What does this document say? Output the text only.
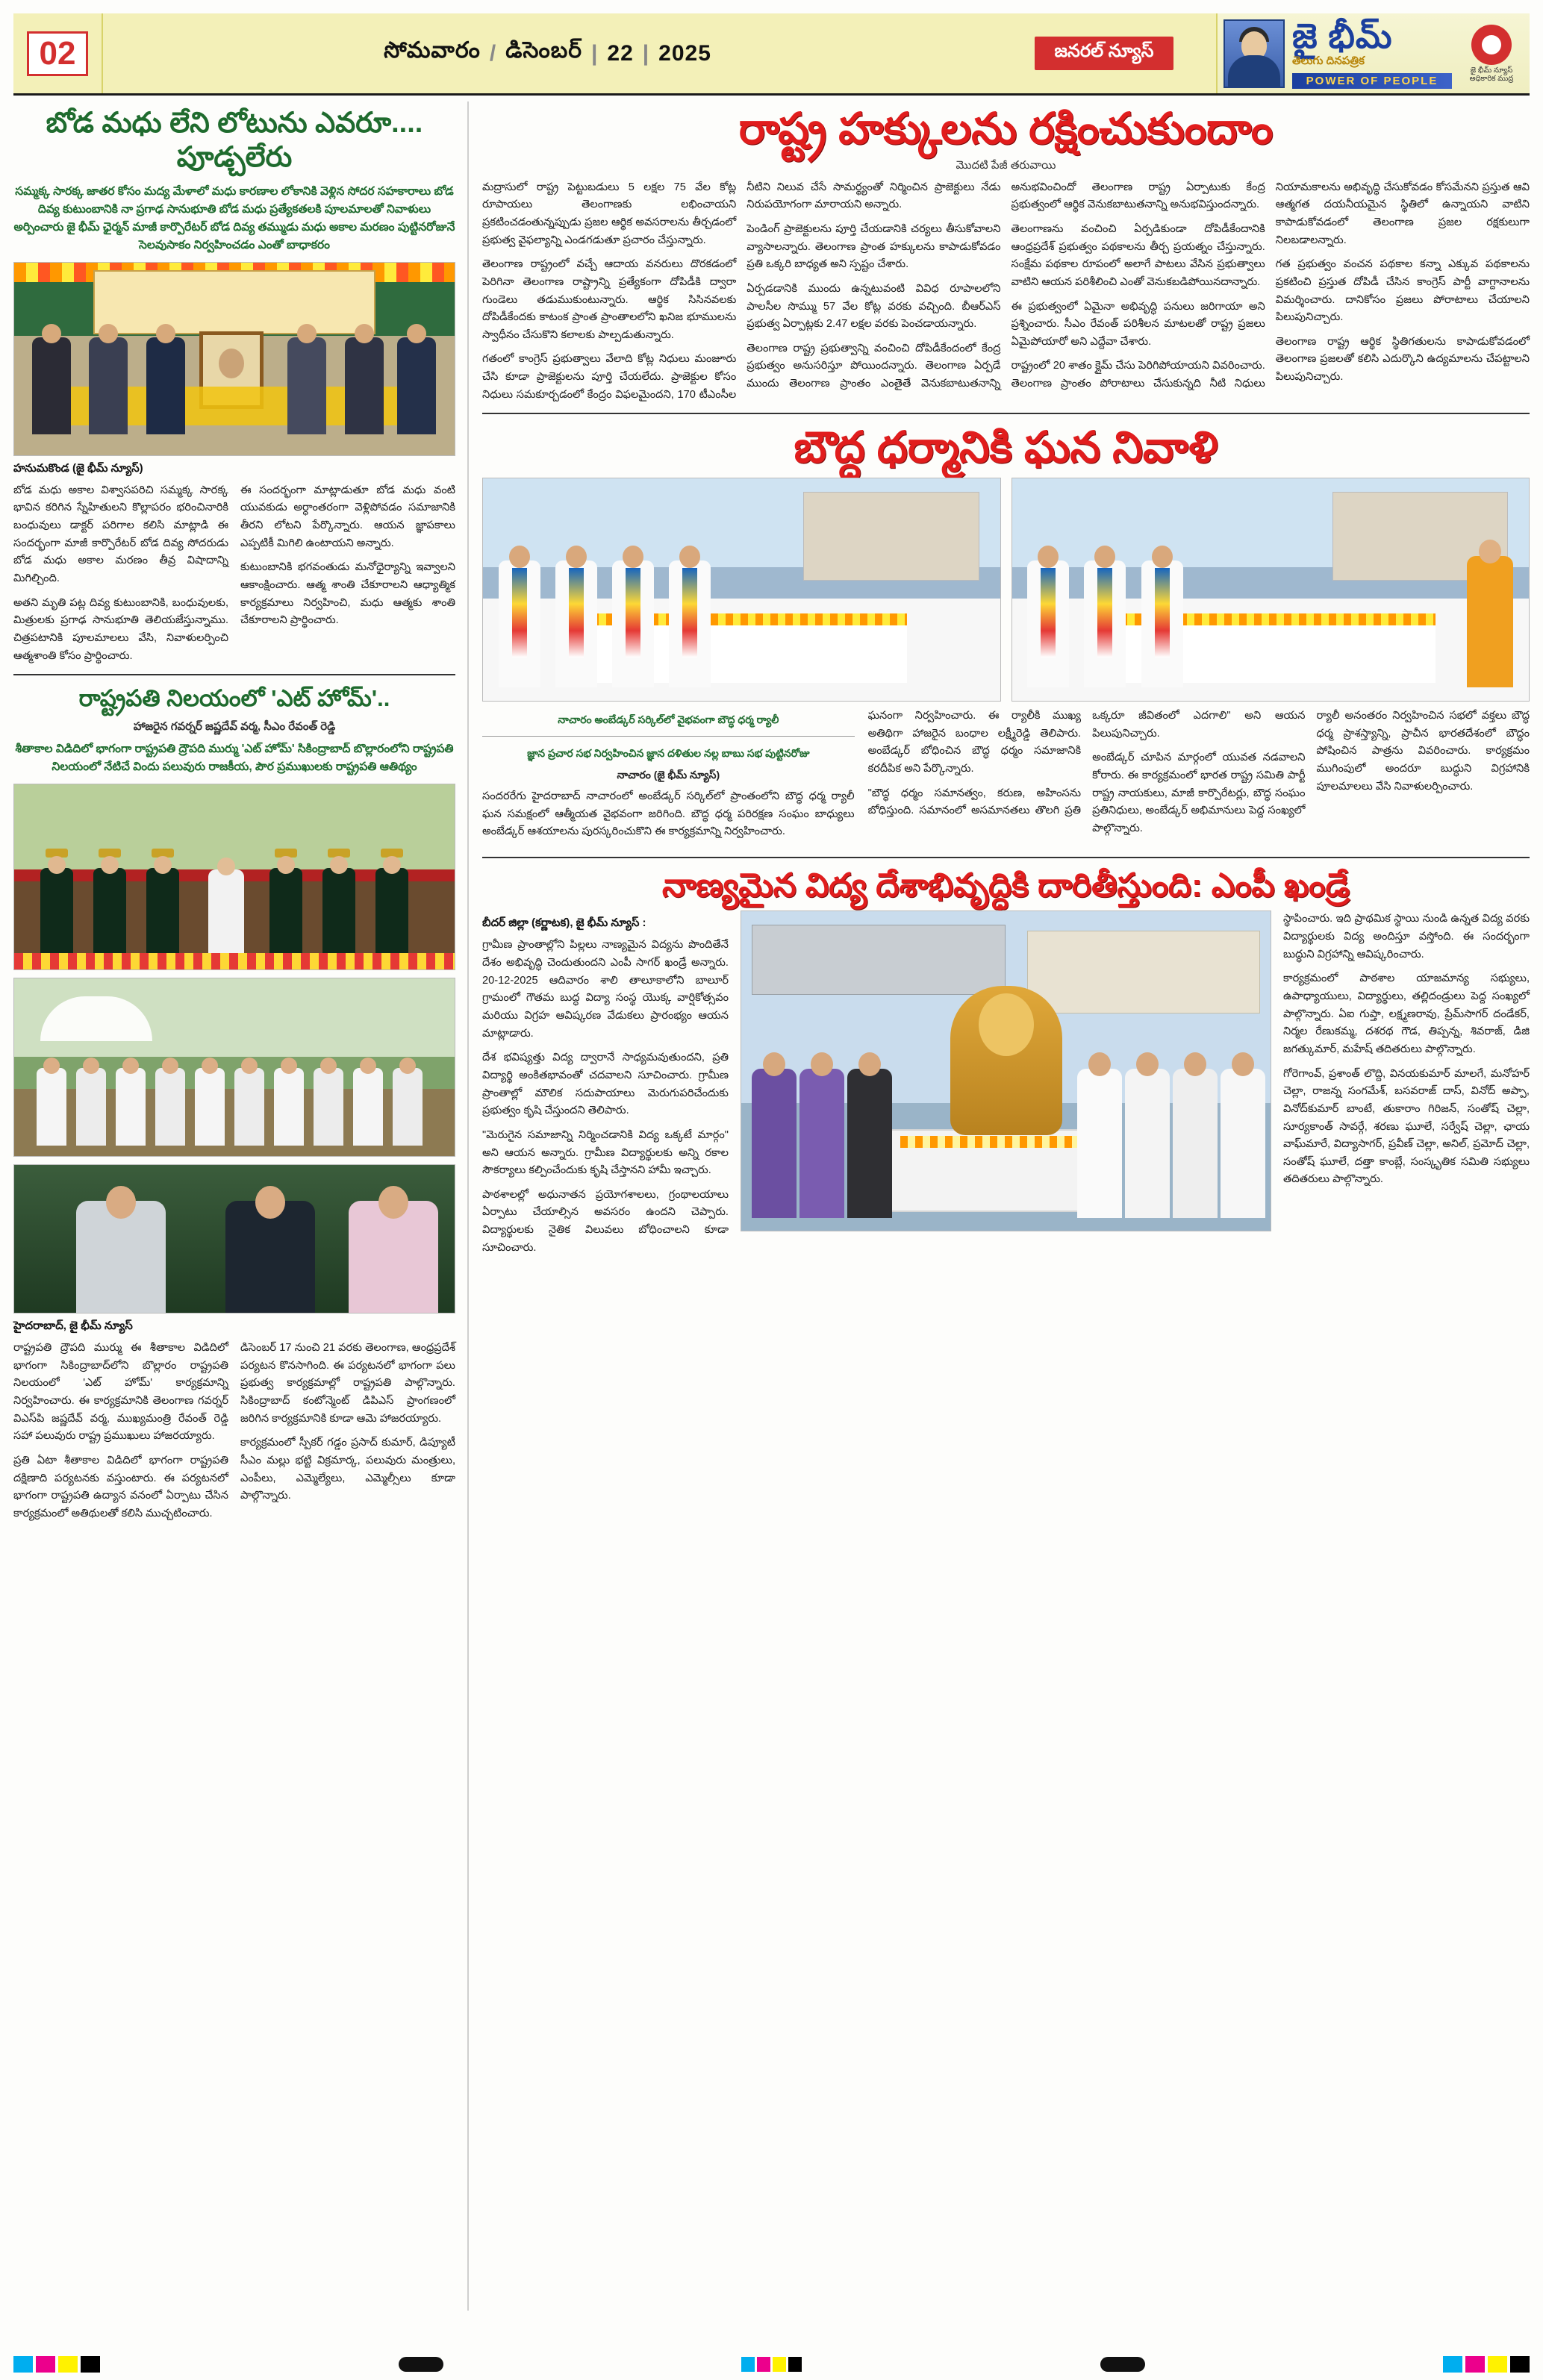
02	సోమవారం / డిసెంబర్ | 22 | 2025	జనరల్ న్యూస్	జై భీమ్
తెలుగు దినపత్రిక
POWER OF PEOPLE
జై భీమ్ న్యూస్ అధికారిక ముద్ర
బోడ మధు లేని లోటును ఎవరూ.... పూడ్చలేరు
సమ్మక్క సారక్క జాతర కోసం మద్య మేళాలో మధు కారణాల లోకానికి వెళ్లిన సోదర సహకారాలు బోడ దివ్య కుటుంబానికి నా ప్రగాఢ సానుభూతి బోడ మధు ప్రత్యేకతలకి పూలమాలతో నివాళులు అర్పించారు జై భీమ్ ఛైర్మన్ మాజీ కార్పొరేటర్ బోడ దివ్య తమ్ముడు మధు అకాల మరణం పుట్టినరోజునే సెలవుసాకం నిర్వహించడం ఎంతో బాధాకరం
హనుమకొండ (జై భీమ్ న్యూస్)

బోడ మధు అకాల విశ్వాసపరిచి సమ్మక్క సారక్క భావిన కరిగిన స్నేహితులని కొల్లాపరం భరించినారికి బంధువులు డాక్టర్ పరిగాల కలిసి మాట్లాడి ఈ సందర్భంగా మాజీ కార్పొరేటర్ బోడ దివ్య సోదరుడు బోడ మధు అకాల మరణం తీవ్ర విషాదాన్ని మిగిల్చింది.

అతని మృతి పట్ల దివ్య కుటుంబానికి, బంధువులకు, మిత్రులకు ప్రగాఢ సానుభూతి తెలియజేస్తున్నాము. చిత్రపటానికి పూలమాలలు వేసి, నివాళులర్పించి ఆత్మశాంతి కోసం ప్రార్థించారు.

ఈ సందర్భంగా మాట్లాడుతూ బోడ మధు వంటి యువకుడు అర్ధాంతరంగా వెళ్లిపోవడం సమాజానికి తీరని లోటని పేర్కొన్నారు. ఆయన జ్ఞాపకాలు ఎప్పటికీ మిగిలి ఉంటాయని అన్నారు.

కుటుంబానికి భగవంతుడు మనోధైర్యాన్ని ఇవ్వాలని ఆకాంక్షించారు. ఆత్మ శాంతి చేకూరాలని ఆధ్యాత్మిక కార్యక్రమాలు నిర్వహించి, మధు ఆత్మకు శాంతి చేకూరాలని ప్రార్థించారు.

రాష్ట్రపతి నిలయంలో 'ఎట్ హోమ్'..
హాజరైన గవర్నర్ జష్ణదేవ్ వర్మ, సీఎం రేవంత్ రెడ్డి
శీతాకాల విడిదిలో భాగంగా రాష్ట్రపతి ద్రౌపది ముర్ము 'ఎట్ హోమ్' సికింద్రాబాద్ బొల్లారంలోని రాష్ట్రపతి నిలయంలో నేటిచే విందు పలువురు రాజకీయ, పౌర ప్రముఖులకు రాష్ట్రపతి ఆతిథ్యం
హైదరాబాద్, జై భీమ్ న్యూస్

రాష్ట్రపతి ద్రౌపది ముర్ము ఈ శీతాకాల విడిదిలో భాగంగా సికింద్రాబాద్‌లోని బొల్లారం రాష్ట్రపతి నిలయంలో 'ఎట్ హోమ్' కార్యక్రమాన్ని నిర్వహించారు. ఈ కార్యక్రమానికి తెలంగాణ గవర్నర్ విఎస్‌పి జష్ణదేవ్ వర్మ, ముఖ్యమంత్రి రేవంత్ రెడ్డి సహా పలువురు రాష్ట్ర ప్రముఖులు హాజరయ్యారు.

ప్రతి ఏటా శీతాకాల విడిదిలో భాగంగా రాష్ట్రపతి దక్షిణాది పర్యటనకు వస్తుంటారు. ఈ పర్యటనలో భాగంగా రాష్ట్రపతి ఉద్యాన వనంలో ఏర్పాటు చేసిన కార్యక్రమంలో అతిథులతో కలిసి ముచ్చటించారు.

డిసెంబర్ 17 నుంచి 21 వరకు తెలంగాణ, ఆంధ్రప్రదేశ్ పర్యటన కొనసాగింది. ఈ పర్యటనలో భాగంగా పలు ప్రభుత్వ కార్యక్రమాల్లో రాష్ట్రపతి పాల్గొన్నారు. సికింద్రాబాద్ కంటోన్మెంట్ డిపిఎస్ ప్రాంగణంలో జరిగిన కార్యక్రమానికి కూడా ఆమె హాజరయ్యారు.

కార్యక్రమంలో స్పీకర్ గడ్డం ప్రసాద్ కుమార్, డిప్యూటీ సీఎం మల్లు భట్టి విక్రమార్క, పలువురు మంత్రులు, ఎంపీలు, ఎమ్మెల్యేలు, ఎమ్మెల్సీలు కూడా పాల్గొన్నారు.

రాష్ట్ర హక్కులను రక్షించుకుందాం
మొదటి పేజీ తరువాయి

మద్రాసులో రాష్ట్ర పెట్టుబడులు 5 లక్షల 75 వేల కోట్ల రూపాయలు తెలంగాణకు లభించాయని ప్రకటించడంతున్నప్పుడు ప్రజల ఆర్థిక అవసరాలను తీర్చడంలో ప్రభుత్వ వైఫల్యాన్ని ఎండగడుతూ ప్రచారం చేస్తున్నారు.

తెలంగాణ రాష్ట్రంలో వచ్చే ఆదాయ వనరులు దొరకడంలో పెరిగినా తెలంగాణ రాష్ట్రాన్ని ప్రత్యేకంగా దోపిడీకి ద్వారా గుండెలు తడుముకుంటున్నారు. ఆర్థిక సిసినవలకు దోపిడీకేందకు కాటంక ప్రాంత ప్రాంతాలలోని ఖనిజ భూములను స్వాధీనం చేసుకొని కలాలకు పాల్పడుతున్నారు.

గతంలో కాంగ్రెస్ ప్రభుత్వాలు వేలాది కోట్ల నిధులు మంజూరు చేసి కూడా ప్రాజెక్టులను పూర్తి చేయలేదు. ప్రాజెక్టుల కోసం నిధులు సమకూర్చడంలో కేంద్రం విఫలమైందని, 170 టీఎంసీల నీటిని నిలువ చేసే సామర్థ్యంతో నిర్మించిన ప్రాజెక్టులు నేడు నిరుపయోగంగా మారాయని అన్నారు.

పెండింగ్ ప్రాజెక్టులను పూర్తి చేయడానికి చర్యలు తీసుకోవాలని వ్యాసాలన్నారు. తెలంగాణ ప్రాంత హక్కులను కాపాడుకోవడం ప్రతి ఒక్కరి బాధ్యత అని స్పష్టం చేశారు.

ఏర్పడడానికి ముందు ఉన్నటువంటి వివిధ రూపాలలోని పాలసీల సొమ్ము 57 వేల కోట్ల వరకు వచ్చింది. బీఆర్ఎస్ ప్రభుత్వ ఏర్పాట్లకు 2.47 లక్షల వరకు పెంచడాయన్నారు.

తెలంగాణ రాష్ట్ర ప్రభుత్వాన్ని వంచించి దోపిడీకేందంలో కేంద్ర ప్రభుత్వం అనుసరిస్తూ పోయింద‌న్నారు. తెలంగాణ ఏర్పడే ముందు తెలంగాణ ప్రాంతం ఎంతైతే వెనుకబాటుతనాన్ని అనుభవించిందో తెలంగాణ రాష్ట్ర ఏర్పాటుకు కేంద్ర ప్రభుత్వంలో ఆర్థిక వెనుకబాటుతనాన్ని అనుభవిస్తుందన్నారు.

తెలంగాణను వంచించి ఏర్పడికుండా దోపిడీకేందానికి ఆంధ్రప్రదేశ్ ప్రభుత్వం పథకాలను తీర్చ ప్రయత్నం చేస్తున్నారు. సంక్షేమ పథకాల రూపంలో అలాగే పాటలు వేసిన ప్రభుత్వాలు వాటిని ఆయన పరిశీలించి ఎంతో వెనుకబడిపోయినదాన్నారు.

ఈ ప్రభుత్వంలో ఏమైనా అభివృద్ధి పనులు జరిగాయా అని ప్రశ్నించారు. సీఎం రేవంత్ పరిశీలన మాటలతో రాష్ట్ర ప్రజలు ఏమైపోయారో అని ఎద్దేవా చేశారు.

రాష్ట్రంలో 20 శాతం క్లైమ్ చేసు పెరిగిపోయాయని వివరించారు. తెలంగాణ ప్రాంతం పోరాటాలు చేసుకున్నది నీటి నిధులు నియామకాలను అభివృద్ధి చేసుకోవడం కోసమేనని ప్రస్తుత ఆవి ఆత్మగత దయనీయమైన స్థితిలో ఉన్నాయని వాటిని కాపాడుకోవడంలో తెలంగాణ ప్రజల రక్షకులుగా నిలబడాలన్నారు.

గత ప్రభుత్వం వంచన పథకాల కన్నా ఎక్కువ పథకాలను ప్రకటించి ప్రస్తుత దోపిడీ చేసిన కాంగ్రెస్ పార్టీ వాగ్దానాలను విమర్శించారు. దానికోసం ప్రజలు పోరాటాలు చేయాలని పిలుపునిచ్చారు.

తెలంగాణ రాష్ట్ర ఆర్థిక స్థితిగతులను కాపాడుకోవడంలో తెలంగాణ ప్రజలతో కలిసి ఎదుర్కొని ఉద్యమాలను చేపట్టాలని పిలుపునిచ్చారు.

బౌద్ధ ధర్మానికి ఘన నివాళి
నాచారం అంబేడ్కర్ సర్కిల్‌లో వైభవంగా బౌద్ధ ధర్మ ర్యాలీ
జ్ఞాన ప్రచార సభ నిర్వహించిన జ్ఞాన దళితుల నల్ల బాబు సభ పుట్టినరోజు
నాచారం (జై భీమ్ న్యూస్)

సందరరేగు హైదరాబాద్ నాచారంలో అంబేడ్కర్ సర్కిల్‌లో ప్రాంతంలోని బౌద్ధ ధర్మ ర్యాలీ ఘన సమక్షంలో ఆత్మీయత వైభవంగా జరిగింది. బౌద్ధ ధర్మ పరిరక్షణ సంఘం బాధ్యులు అంబేడ్కర్ ఆశయాలను పురస్కరించుకొని ఈ కార్యక్రమాన్ని నిర్వహించారు.

ఘనంగా నిర్వహించారు. ఈ ర్యాలీకి ముఖ్య అతిథిగా హాజరైన బంధాల లక్ష్మీరెడ్డి తెలిపారు. అంబేడ్కర్ బోధించిన బౌద్ధ ధర్మం సమాజానికి కరదీపిక అని పేర్కొన్నారు.

"బౌద్ధ ధర్మం సమానత్వం, కరుణ, అహింసను బోధిస్తుంది. సమానంలో అసమానతలు తొలగి ప్రతి ఒక్కరూ జీవితంలో ఎదగాలి" అని ఆయన పిలుపునిచ్చారు.

అంబేడ్కర్ చూపిన మార్గంలో యువత నడవాలని కోరారు. ఈ కార్యక్రమంలో భారత రాష్ట్ర సమితి పార్టీ రాష్ట్ర నాయకులు, మాజీ కార్పొరేటర్లు, బౌద్ధ సంఘం ప్రతినిధులు, అంబేడ్కర్ అభిమానులు పెద్ద సంఖ్యలో పాల్గొన్నారు.

ర్యాలీ అనంతరం నిర్వహించిన సభలో వక్తలు బౌద్ధ ధర్మ ప్రాశస్త్యాన్ని, ప్రాచీన భారతదేశంలో బౌద్ధం పోషించిన పాత్రను వివరించారు. కార్యక్రమం ముగింపులో అందరూ బుద్ధుని విగ్రహానికి పూలమాలలు వేసి నివాళులర్పించారు.

నాణ్యమైన విద్య దేశాభివృద్ధికి దారితీస్తుంది: ఎంపీ ఖండ్రే
బీదర్ జిల్లా (కర్ణాటక), జై భీమ్ న్యూస్ :

గ్రామీణ ప్రాంతాల్లోని పిల్లలు నాణ్యమైన విద్యను పొందితేనే దేశం అభివృద్ధి చెందుతుందని ఎంపీ సాగర్ ఖండ్రే అన్నారు. 20-12-2025 ఆదివారం శాలి తాలూకాలోని బాలూర్ గ్రామంలో గౌతమ బుద్ధ విద్యా సంస్థ యొక్క వార్షికోత్సవం మరియు విగ్రహ ఆవిష్కరణ వేడుకలు ప్రారంభ్యం ఆయన మాట్లాడారు.

దేశ భవిష్యత్తు విద్య ద్వారానే సాధ్యమవుతుందని, ప్రతి విద్యార్థి అంకితభావంతో చదవాలని సూచించారు. గ్రామీణ ప్రాంతాల్లో మౌలిక సదుపాయాలు మెరుగుపరిచేందుకు ప్రభుత్వం కృషి చేస్తుందని తెలిపారు.

"మెరుగైన సమాజాన్ని నిర్మించడానికి విద్య ఒక్కటే మార్గం" అని ఆయన అన్నారు. గ్రామీణ విద్యార్థులకు అన్ని రకాల సౌకర్యాలు కల్పించేందుకు కృషి చేస్తానని హామీ ఇచ్చారు.

పాఠశాలల్లో అధునాతన ప్రయోగశాలలు, గ్రంథాలయాలు ఏర్పాటు చేయాల్సిన అవసరం ఉందని చెప్పారు. విద్యార్థులకు నైతిక విలువలు బోధించాలని కూడా సూచించారు.

స్థాపించారు. ఇది ప్రాథమిక స్థాయి నుండి ఉన్నత విద్య వరకు విద్యార్థులకు విద్య అందిస్తూ వస్తోంది. ఈ సందర్భంగా బుద్ధుని విగ్రహాన్ని ఆవిష్కరించారు.

కార్యక్రమంలో పాఠశాల యాజమాన్య సభ్యులు, ఉపాధ్యాయులు, విద్యార్థులు, తల్లిదండ్రులు పెద్ద సంఖ్యలో పాల్గొన్నారు. ఏఐ గుప్తా, లక్ష్మణరావు, ప్రేమ్‌సాగర్ దండేకర్, నిర్మల రేణుకమ్మ, దశరథ గౌడ, తిప్పన్న, శివరాజ్, డిజి జగత్కుమార్, మహేష్ తదితరులు పాల్గొన్నారు.

గోరెగాంవ్, ప్రశాంత్ లొద్ది, వినయకుమార్ మాలగే, మనోహర్ చెల్లా, రాజన్న సంగమేశ్, బసవరాజ్ దాస్, వినోద్ అప్పా, వినోద్‌కుమార్ బాంటే, తుకారాం గిరిజన్, సంతోష్ చెల్లా, సూర్యకాంత్ సావర్గే, శరణు ఘూలే, సర్వేష్ చెల్లా, ఛాయ వాఘ్‌మారే, విద్యాసాగర్, ప్రవీణ్ చెల్లా, అనిల్, ప్రమోద్ చెల్లా, సంతోష్ ఘూలే, దత్తా కాంబ్లే, సంస్కృతిక సమితి సభ్యులు తదితరులు పాల్గొన్నారు.
